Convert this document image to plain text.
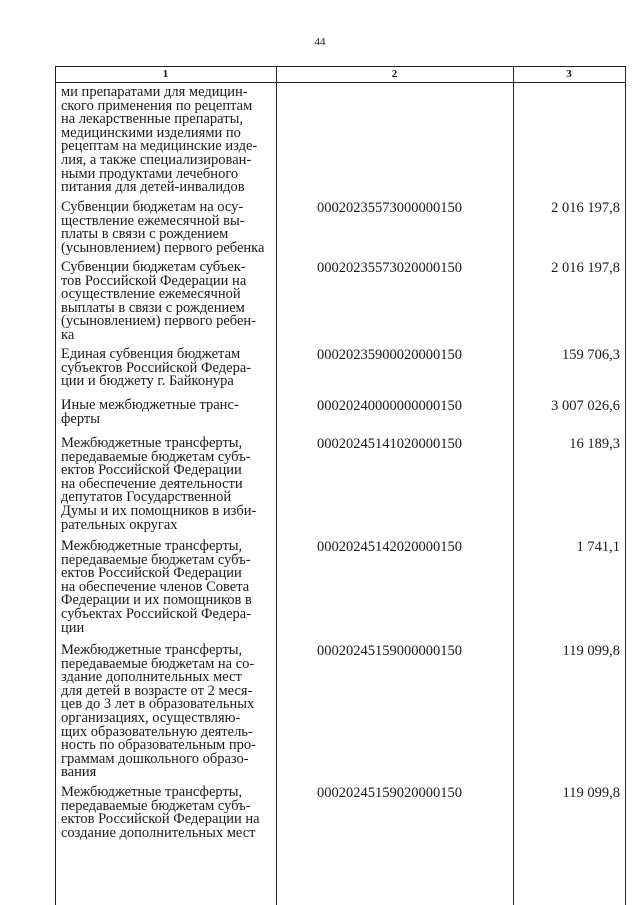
44
1	2	3
ми препаратами для медицин-
ского применения по рецептам
на лекарственные препараты,
медицинскими изделиями по
рецептам на медицинские изде-
лия, а также специализирован-
ными продуктами лечебного
питания для детей-инвалидов
Субвенции бюджетам на осу-
ществление ежемесячной вы-
платы в связи с рождением
(усыновлением) первого ребенка
00020235573000000150	2 016 197,8
Субвенции бюджетам субъек-
тов Российской Федерации на
осуществление ежемесячной
выплаты в связи с рождением
(усыновлением) первого ребен-
ка
00020235573020000150	2 016 197,8
Единая субвенция бюджетам
субъектов Российской Федера-
ции и бюджету г. Байконура
00020235900020000150	159 706,3
Иные межбюджетные транс-
ферты
00020240000000000150	3 007 026,6
Межбюджетные трансферты,
передаваемые бюджетам субъ-
ектов Российской Федерации
на обеспечение деятельности
депутатов Государственной
Думы и их помощников в изби-
рательных округах
00020245141020000150	16 189,3
Межбюджетные трансферты,
передаваемые бюджетам субъ-
ектов Российской Федерации
на обеспечение членов Совета
Федерации и их помощников в
субъектах Российской Федера-
ции
00020245142020000150	1 741,1
Межбюджетные трансферты,
передаваемые бюджетам на со-
здание дополнительных мест
для детей в возрасте от 2 меся-
цев до 3 лет в образовательных
организациях, осуществляю-
щих образовательную деятель-
ность по образовательным про-
граммам дошкольного образо-
вания
00020245159000000150	119 099,8
Межбюджетные трансферты,
передаваемые бюджетам субъ-
ектов Российской Федерации на
создание дополнительных мест
00020245159020000150	119 099,8
